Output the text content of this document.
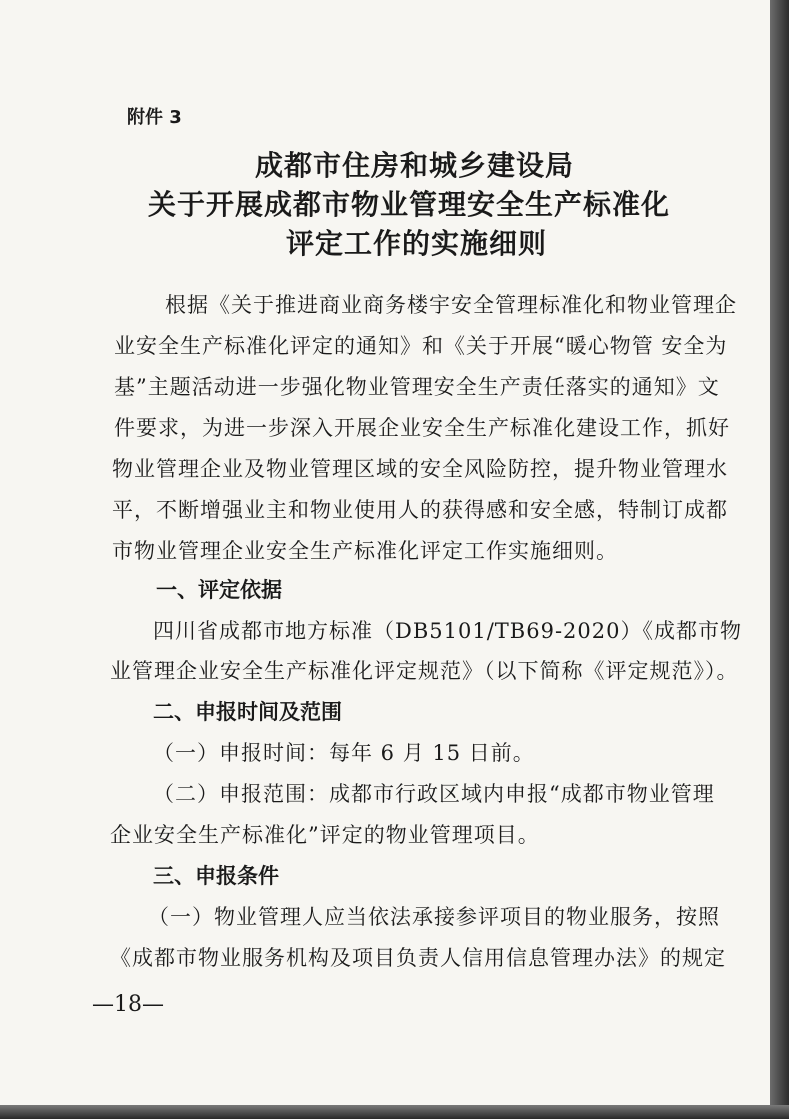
附件 3
成都市住房和城乡建设局
关于开展成都市物业管理安全生产标准化
评定工作的实施细则
根据《关于推进商业商务楼宇安全管理标准化和物业管理企
业安全生产标准化评定的通知》和《关于开展“暖心物管 安全为
基”主题活动进一步强化物业管理安全生产责任落实的通知》文
件要求，为进一步深入开展企业安全生产标准化建设工作，抓好
物业管理企业及物业管理区域的安全风险防控，提升物业管理水
平，不断增强业主和物业使用人的获得感和安全感，特制订成都
市物业管理企业安全生产标准化评定工作实施细则。
一、评定依据
四川省成都市地方标准（DB5101/TB69-2020）《成都市物
业管理企业安全生产标准化评定规范》（以下简称《评定规范》）。
二、申报时间及范围
（一）申报时间：每年 6 月 15 日前。
（二）申报范围：成都市行政区域内申报“成都市物业管理
企业安全生产标准化”评定的物业管理项目。
三、申报条件
（一）物业管理人应当依法承接参评项目的物业服务，按照
《成都市物业服务机构及项目负责人信用信息管理办法》的规定
—18—
